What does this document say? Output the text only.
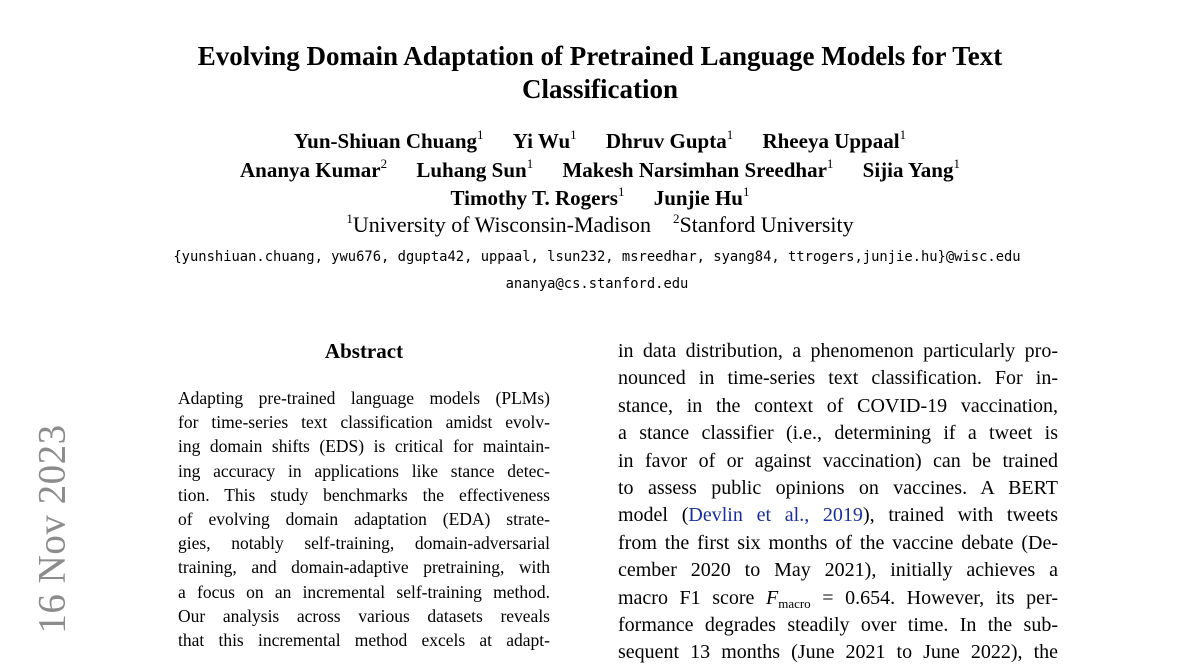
Evolving Domain Adaptation of Pretrained Language Models for Text
Classification
Yun-Shiuan Chuang$^1$ Yi Wu$^1$ Dhruv Gupta$^1$ Rheeya Uppaal$^1$
Ananya Kumar$^2$ Luhang Sun$^1$ Makesh Narsimhan Sreedhar$^1$ Sijia Yang$^1$
Timothy T. Rogers$^1$ Junjie Hu$^1$
$^1$University of Wisconsin-Madison $^2$Stanford University
{yunshiuan.chuang, ywu676, dgupta42, uppaal, lsun232, msreedhar, syang84, ttrogers,junjie.hu}@wisc.edu
ananya@cs.stanford.edu
Abstract
Adapting pre-trained language models (PLMs)
for time-series text classification amidst evolv-
ing domain shifts (EDS) is critical for maintain-
ing accuracy in applications like stance detec-
tion. This study benchmarks the effectiveness
of evolving domain adaptation (EDA) strate-
gies, notably self-training, domain-adversarial
training, and domain-adaptive pretraining, with
a focus on an incremental self-training method.
Our analysis across various datasets reveals
that this incremental method excels at adapt-
in data distribution, a phenomenon particularly pro-
nounced in time-series text classification. For in-
stance, in the context of COVID-19 vaccination,
a stance classifier (i.e., determining if a tweet is
in favor of or against vaccination) can be trained
to assess public opinions on vaccines. A BERT
model (Devlin et al., 2019), trained with tweets
from the first six months of the vaccine debate (De-
cember 2020 to May 2021), initially achieves a
macro F1 score $F_{macro} = 0.654$. However, its per-
formance degrades steadily over time. In the sub-
sequent 13 months (June 2021 to June 2022), the
16 Nov 2023
